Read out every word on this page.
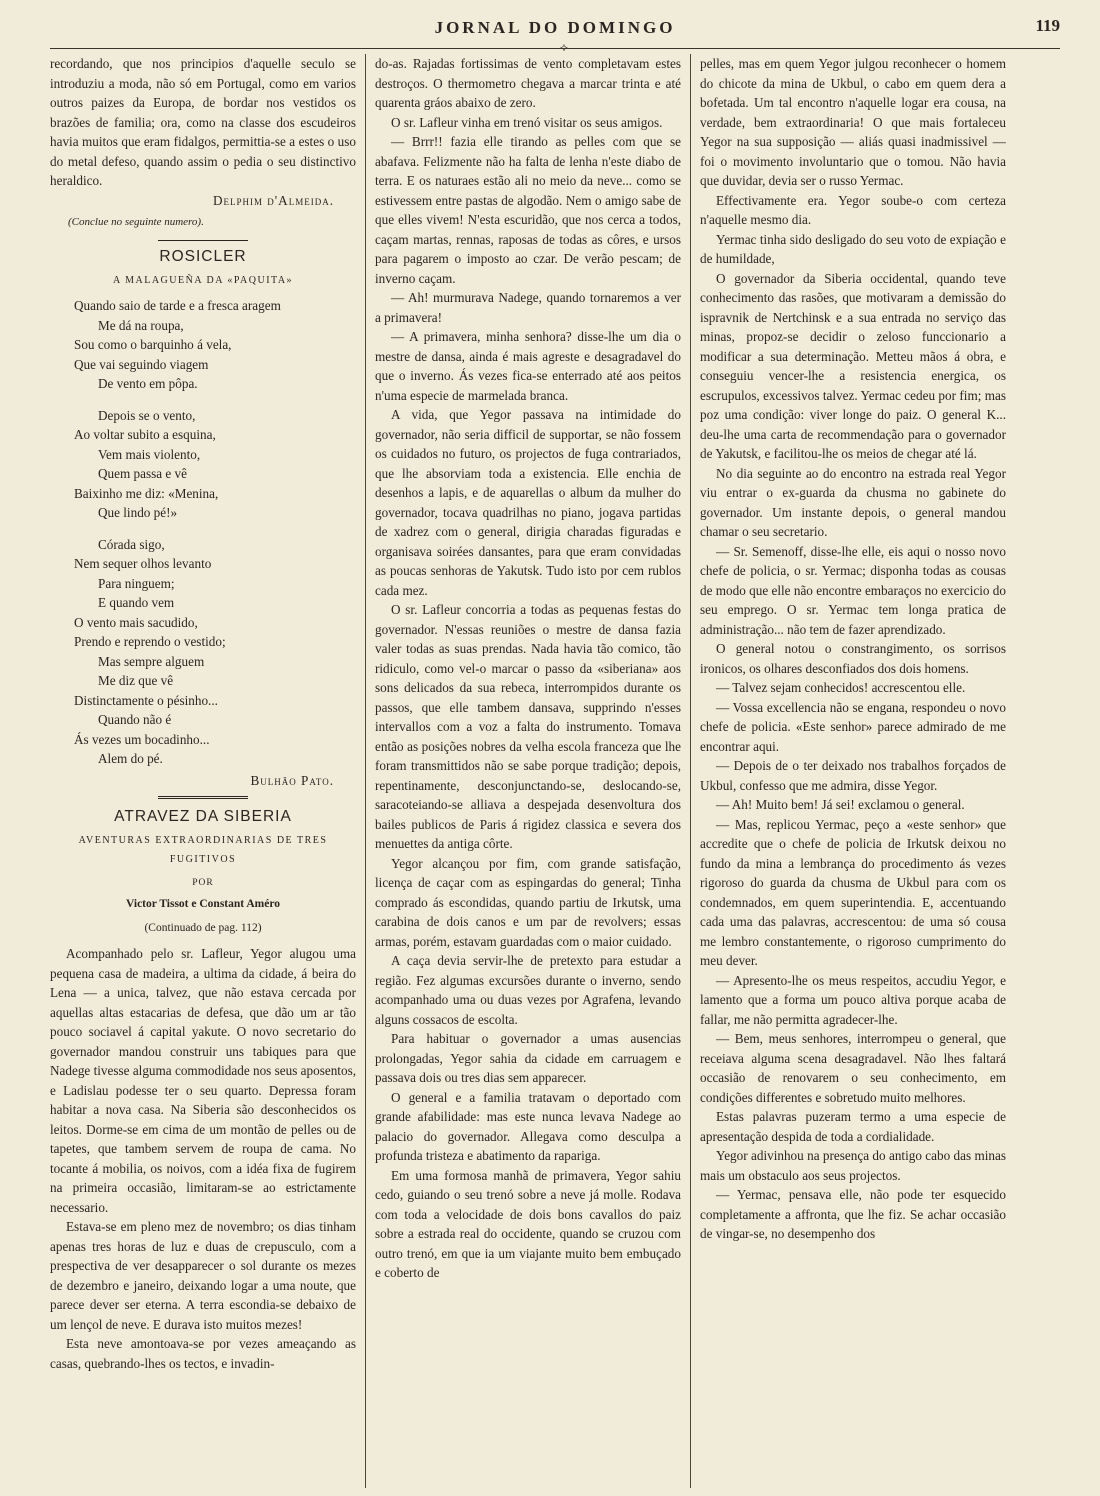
JORNAL DO DOMINGO	119
⟡

recordando, que nos principios d'aquelle seculo se introduziu a moda, não só em Portugal, como em varios outros paizes da Europa, de bordar nos vestidos os brazões de familia; ora, como na classe dos escudeiros havia muitos que eram fidalgos, permittia-se a estes o uso do metal defeso, quando assim o pedia o seu distinctivo heraldico.

Delphim d'Almeida.
(Conclue no seguinte numero).
ROSICLER
A MALAGUEÑA DA «PAQUITA»
Quando saio de tarde e a fresca aragem
Me dá na roupa,
Sou como o barquinho á vela,
Que vai seguindo viagem
De vento em pôpa.
Depois se o vento,
Ao voltar subito a esquina,
Vem mais violento,
Quem passa e vê
Baixinho me diz: «Menina,
Que lindo pé!»
Córada sigo,
Nem sequer olhos levanto
Para ninguem;
E quando vem
O vento mais sacudido,
Prendo e reprendo o vestido;
Mas sempre alguem
Me diz que vê
Distinctamente o pésinho...
Quando não é
Ás vezes um bocadinho...
Alem do pé.
Bulhão Pato.
ATRAVEZ DA SIBERIA
AVENTURAS EXTRAORDINARIAS DE TRES FUGITIVOS
POR
Victor Tissot e Constant Améro
(Continuado de pag. 112)

Acompanhado pelo sr. Lafleur, Yegor alugou uma pequena casa de madeira, a ultima da cidade, á beira do Lena — a unica, talvez, que não estava cercada por aquellas altas estacarias de defesa, que dão um ar tão pouco sociavel á capital yakute. O novo secretario do governador mandou construir uns tabiques para que Nadege tivesse alguma commodidade nos seus aposentos, e Ladislau podesse ter o seu quarto. Depressa foram habitar a nova casa. Na Siberia são desconhecidos os leitos. Dorme-se em cima de um montão de pelles ou de tapetes, que tambem servem de roupa de cama. No tocante á mobilia, os noivos, com a idéa fixa de fugirem na primeira occasião, limitaram-se ao estrictamente necessario.

Estava-se em pleno mez de novembro; os dias tinham apenas tres horas de luz e duas de crepusculo, com a prespectiva de ver desapparecer o sol durante os mezes de dezembro e janeiro, deixando logar a uma noute, que parece dever ser eterna. A terra escondia-se debaixo de um lençol de neve. E durava isto muitos mezes!

Esta neve amontoava-se por vezes ameaçando as casas, quebrando-lhes os tectos, e invadin-

do-as. Rajadas fortissimas de vento completavam estes destroços. O thermometro chegava a marcar trinta e até quarenta gráos abaixo de zero.

O sr. Lafleur vinha em trenó visitar os seus amigos.

— Brrr!! fazia elle tirando as pelles com que se abafava. Felizmente não ha falta de lenha n'este diabo de terra. E os naturaes estão ali no meio da neve... como se estivessem entre pastas de algodão. Nem o amigo sabe de que elles vivem! N'esta escuridão, que nos cerca a todos, caçam martas, rennas, raposas de todas as côres, e ursos para pagarem o imposto ao czar. De verão pescam; de inverno caçam.

— Ah! murmurava Nadege, quando tornaremos a ver a primavera!

— A primavera, minha senhora? disse-lhe um dia o mestre de dansa, ainda é mais agreste e desagradavel do que o inverno. Ás vezes fica-se enterrado até aos peitos n'uma especie de marmelada branca.

A vida, que Yegor passava na intimidade do governador, não seria difficil de supportar, se não fossem os cuidados no futuro, os projectos de fuga contrariados, que lhe absorviam toda a existencia. Elle enchia de desenhos a lapis, e de aquarellas o album da mulher do governador, tocava quadrilhas no piano, jogava partidas de xadrez com o general, dirigia charadas figuradas e organisava soirées dansantes, para que eram convidadas as poucas senhoras de Yakutsk. Tudo isto por cem rublos cada mez.

O sr. Lafleur concorria a todas as pequenas festas do governador. N'essas reuniões o mestre de dansa fazia valer todas as suas prendas. Nada havia tão comico, tão ridiculo, como vel-o marcar o passo da «siberiana» aos sons delicados da sua rebeca, interrompidos durante os passos, que elle tambem dansava, supprindo n'esses intervallos com a voz a falta do instrumento. Tomava então as posições nobres da velha escola franceza que lhe foram transmittidos não se sabe porque tradição; depois, repentinamente, desconjunctando-se, deslocando-se, saracoteiando-se alliava a despejada desenvoltura dos bailes publicos de Paris á rigidez classica e severa dos menuettes da antiga côrte.

Yegor alcançou por fim, com grande satisfação, licença de caçar com as espingardas do general; Tinha comprado ás escondidas, quando partiu de Irkutsk, uma carabina de dois canos e um par de revolvers; essas armas, porém, estavam guardadas com o maior cuidado.

A caça devia servir-lhe de pretexto para estudar a região. Fez algumas excursões durante o inverno, sendo acompanhado uma ou duas vezes por Agrafena, levando alguns cossacos de escolta.

Para habituar o governador a umas ausencias prolongadas, Yegor sahia da cidade em carruagem e passava dois ou tres dias sem apparecer.

O general e a familia tratavam o deportado com grande afabilidade: mas este nunca levava Nadege ao palacio do governador. Allegava como desculpa a profunda tristeza e abatimento da rapariga.

Em uma formosa manhã de primavera, Yegor sahiu cedo, guiando o seu trenó sobre a neve já molle. Rodava com toda a velocidade de dois bons cavallos do paiz sobre a estrada real do occidente, quando se cruzou com outro trenó, em que ia um viajante muito bem embuçado e coberto de

pelles, mas em quem Yegor julgou reconhecer o homem do chicote da mina de Ukbul, o cabo em quem dera a bofetada. Um tal encontro n'aquelle logar era cousa, na verdade, bem extraordinaria! O que mais fortaleceu Yegor na sua supposição — aliás quasi inadmissivel — foi o movimento involuntario que o tomou. Não havia que duvidar, devia ser o russo Yermac.

Effectivamente era. Yegor soube-o com certeza n'aquelle mesmo dia.

Yermac tinha sido desligado do seu voto de expiação e de humildade,

O governador da Siberia occidental, quando teve conhecimento das rasões, que motivaram a demissão do ispravnik de Nertchinsk e a sua entrada no serviço das minas, propoz-se decidir o zeloso funccionario a modificar a sua determinação. Metteu mãos á obra, e conseguiu vencer-lhe a resistencia energica, os escrupulos, excessivos talvez. Yermac cedeu por fim; mas poz uma condição: viver longe do paiz. O general K... deu-lhe uma carta de recommendação para o governador de Yakutsk, e facilitou-lhe os meios de chegar até lá.

No dia seguinte ao do encontro na estrada real Yegor viu entrar o ex-guarda da chusma no gabinete do governador. Um instante depois, o general mandou chamar o seu secretario.

— Sr. Semenoff, disse-lhe elle, eis aqui o nosso novo chefe de policia, o sr. Yermac; disponha todas as cousas de modo que elle não encontre embaraços no exercicio do seu emprego. O sr. Yermac tem longa pratica de administração... não tem de fazer aprendizado.

O general notou o constrangimento, os sorrisos ironicos, os olhares desconfiados dos dois homens.

— Talvez sejam conhecidos! accrescentou elle.

— Vossa excellencia não se engana, respondeu o novo chefe de policia. «Este senhor» parece admirado de me encontrar aqui.

— Depois de o ter deixado nos trabalhos forçados de Ukbul, confesso que me admira, disse Yegor.

— Ah! Muito bem! Já sei! exclamou o general.

— Mas, replicou Yermac, peço a «este senhor» que accredite que o chefe de policia de Irkutsk deixou no fundo da mina a lembrança do procedimento ás vezes rigoroso do guarda da chusma de Ukbul para com os condemnados, em quem superintendia. E, accentuando cada uma das palavras, accrescentou: de uma só cousa me lembro constantemente, o rigoroso cumprimento do meu dever.

— Apresento-lhe os meus respeitos, accudiu Yegor, e lamento que a forma um pouco altiva porque acaba de fallar, me não permitta agradecer-lhe.

— Bem, meus senhores, interrompeu o general, que receiava alguma scena desagradavel. Não lhes faltará occasião de renovarem o seu conhecimento, em condições differentes e sobretudo muito melhores.

Estas palavras puzeram termo a uma especie de apresentação despida de toda a cordialidade.

Yegor adivinhou na presença do antigo cabo das minas mais um obstaculo aos seus projectos.

— Yermac, pensava elle, não pode ter esquecido completamente a affronta, que lhe fiz. Se achar occasião de vingar-se, no desempenho dos
